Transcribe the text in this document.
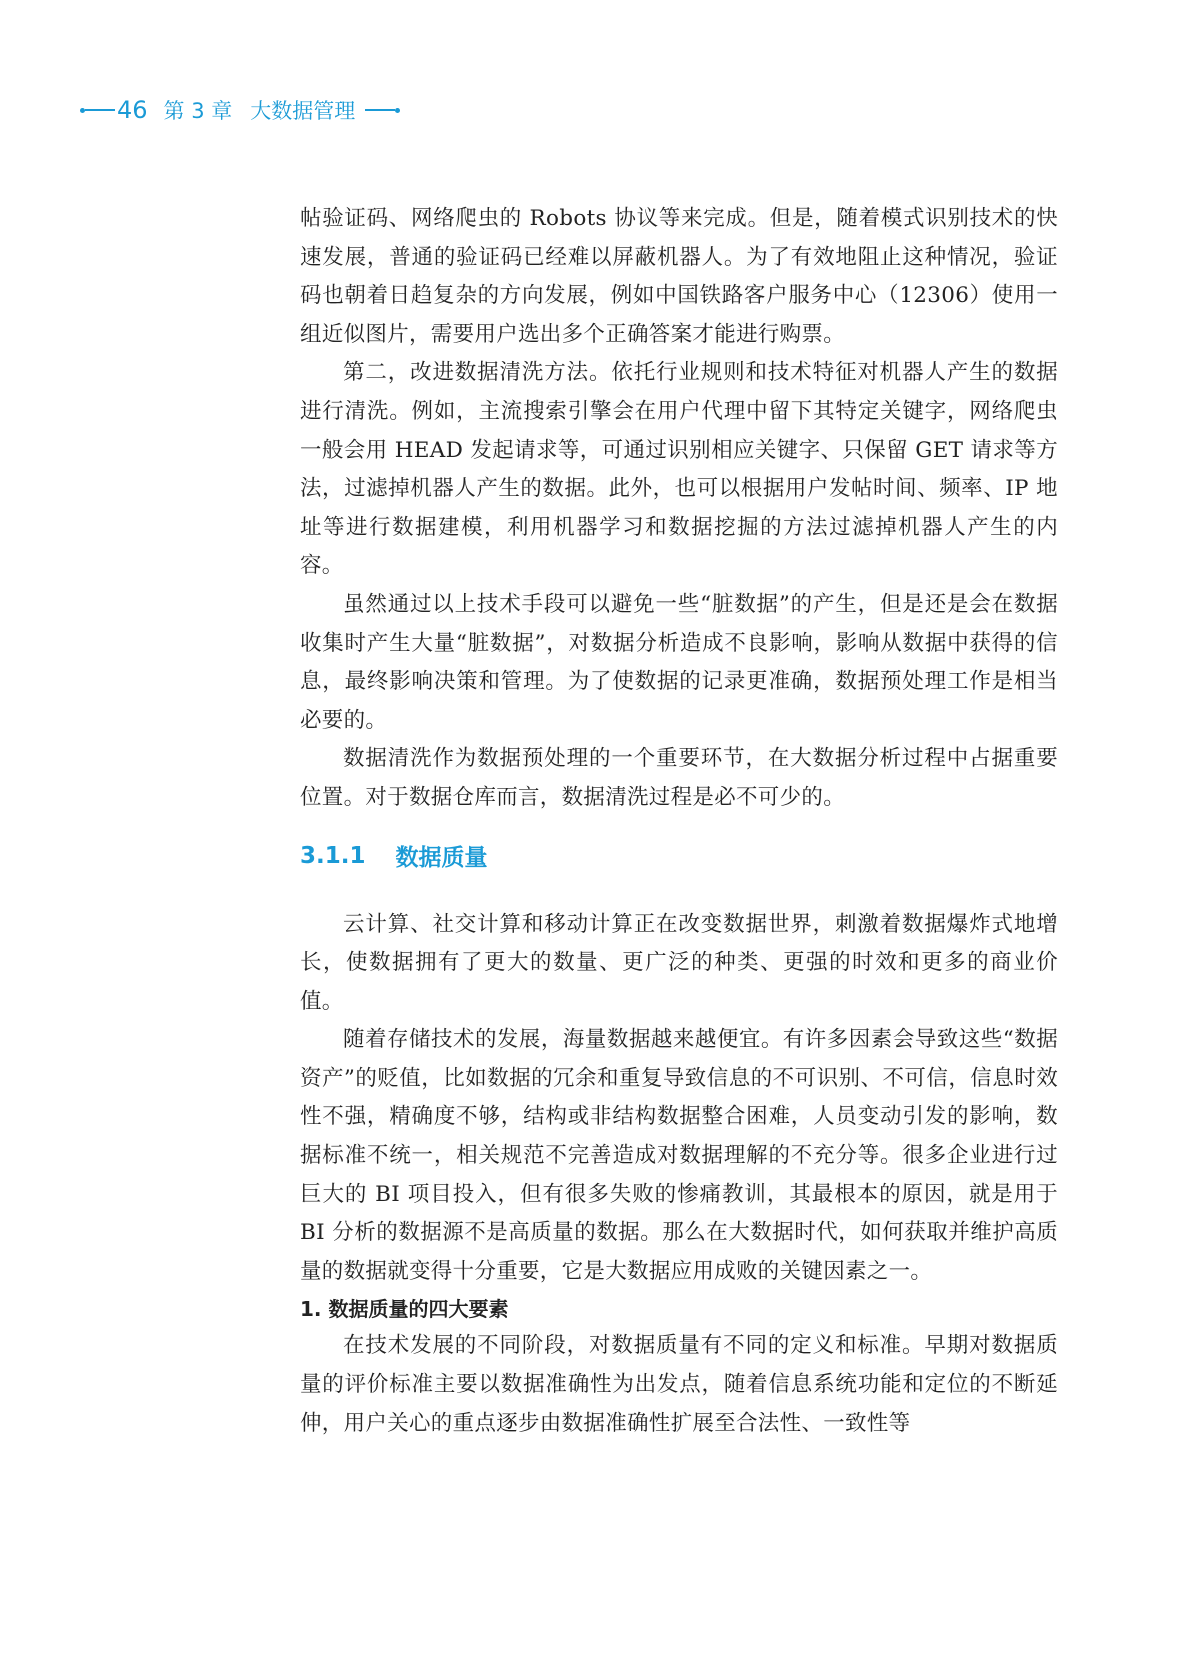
46 第 3 章 大数据管理

帖验证码、网络爬虫的 Robots 协议等来完成。但是，随着模式识别技术的快速发展，普通的验证码已经难以屏蔽机器人。为了有效地阻止这种情况，验证码也朝着日趋复杂的方向发展，例如中国铁路客户服务中心（12306）使用一组近似图片，需要用户选出多个正确答案才能进行购票。

第二，改进数据清洗方法。依托行业规则和技术特征对机器人产生的数据进行清洗。例如，主流搜索引擎会在用户代理中留下其特定关键字，网络爬虫一般会用 HEAD 发起请求等，可通过识别相应关键字、只保留 GET 请求等方法，过滤掉机器人产生的数据。此外，也可以根据用户发帖时间、频率、IP 地址等进行数据建模，利用机器学习和数据挖掘的方法过滤掉机器人产生的内容。

虽然通过以上技术手段可以避免一些“脏数据”的产生，但是还是会在数据收集时产生大量“脏数据”，对数据分析造成不良影响，影响从数据中获得的信息，最终影响决策和管理。为了使数据的记录更准确，数据预处理工作是相当必要的。

数据清洗作为数据预处理的一个重要环节，在大数据分析过程中占据重要位置。对于数据仓库而言，数据清洗过程是必不可少的。

3.1.1 数据质量

云计算、社交计算和移动计算正在改变数据世界，刺激着数据爆炸式地增长，使数据拥有了更大的数量、更广泛的种类、更强的时效和更多的商业价值。

随着存储技术的发展，海量数据越来越便宜。有许多因素会导致这些“数据资产”的贬值，比如数据的冗余和重复导致信息的不可识别、不可信，信息时效性不强，精确度不够，结构或非结构数据整合困难，人员变动引发的影响，数据标准不统一，相关规范不完善造成对数据理解的不充分等。很多企业进行过巨大的 BI 项目投入，但有很多失败的惨痛教训，其最根本的原因，就是用于 BI 分析的数据源不是高质量的数据。那么在大数据时代，如何获取并维护高质量的数据就变得十分重要，它是大数据应用成败的关键因素之一。

1. 数据质量的四大要素

在技术发展的不同阶段，对数据质量有不同的定义和标准。早期对数据质量的评价标准主要以数据准确性为出发点，随着信息系统功能和定位的不断延伸，用户关心的重点逐步由数据准确性扩展至合法性、一致性等
